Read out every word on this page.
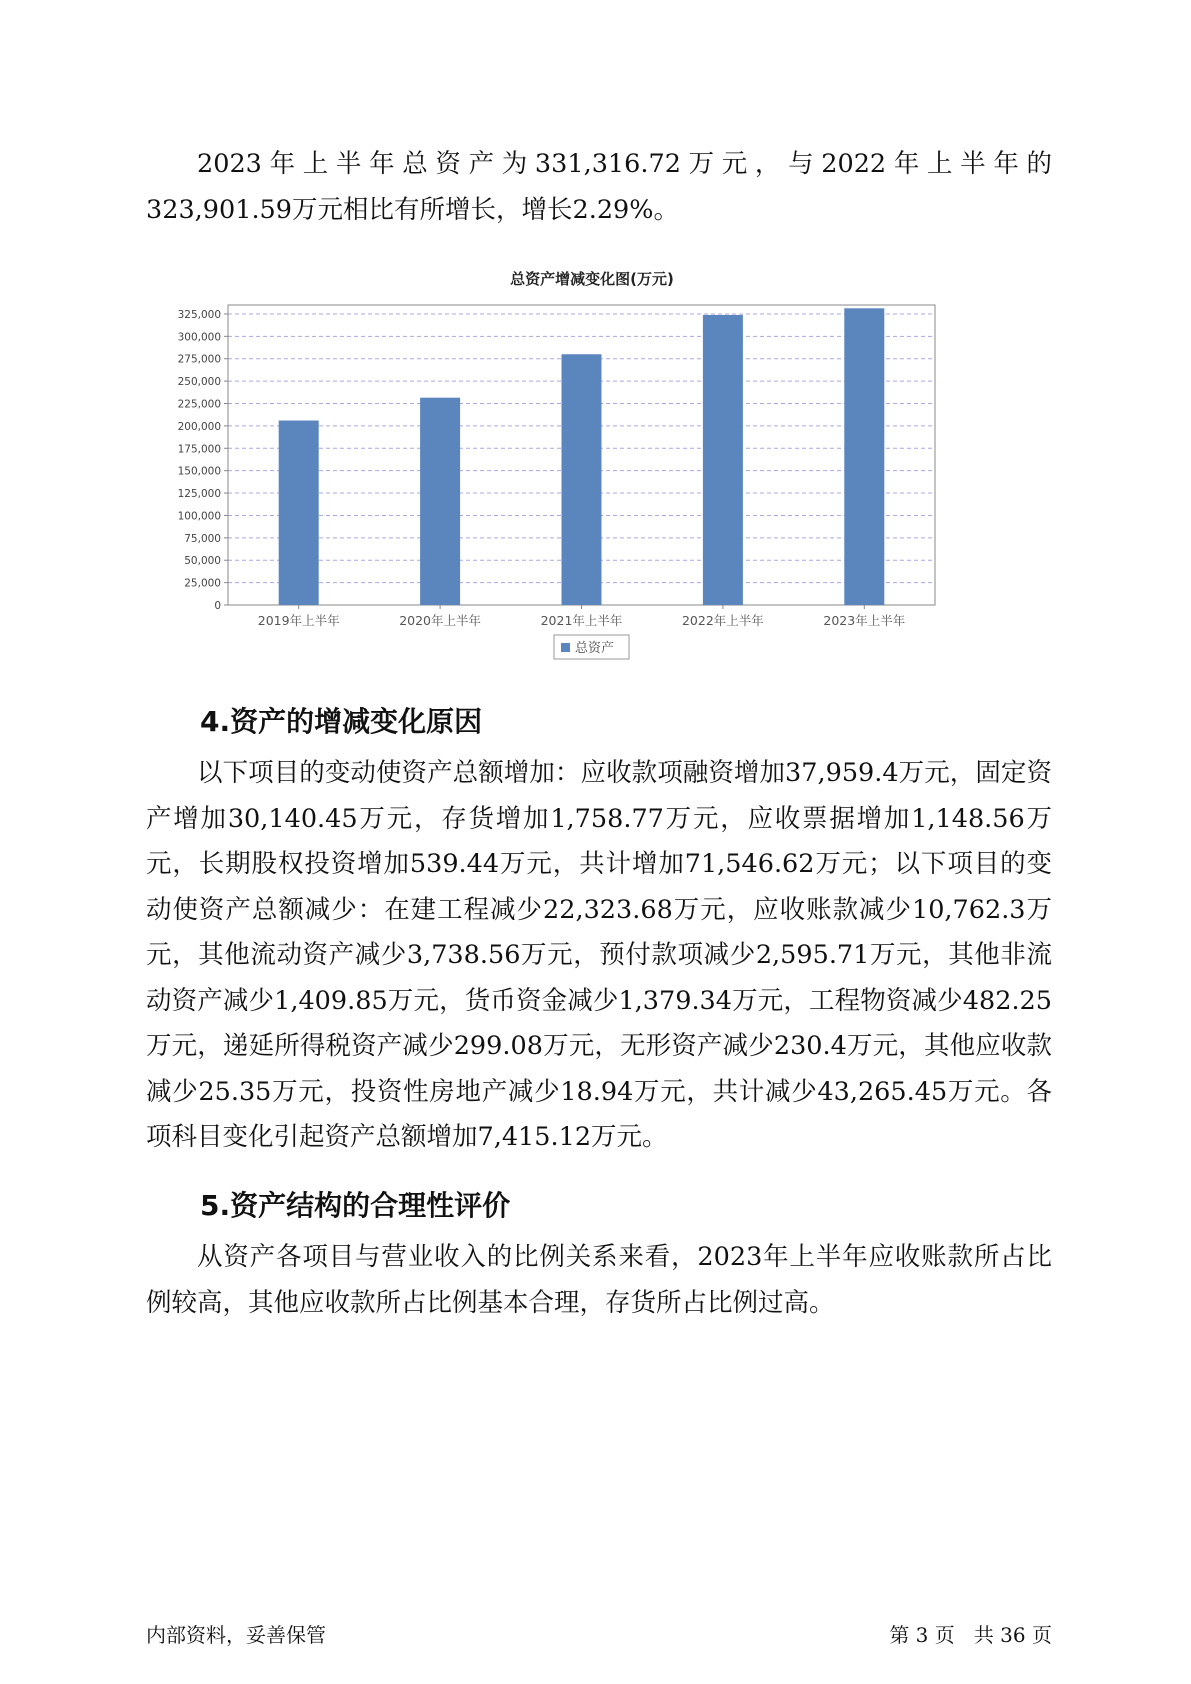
2023年上半年总资产为331,316.72万元，与2022年上半年的323,901.59万元相比有所增长，增长2.29%。

总资产增减变化图(万元)
0
25,000
50,000
75,000
100,000
125,000
150,000
175,000
200,000
225,000
250,000
275,000
300,000
325,000
2019年上半年	2020年上半年	2021年上半年	2022年上半年	2023年上半年
总资产
4.资产的增减变化原因

以下项目的变动使资产总额增加：应收款项融资增加37,959.4万元，固定资产增加30,140.45万元，存货增加1,758.77万元，应收票据增加1,148.56万元，长期股权投资增加539.44万元，共计增加71,546.62万元；以下项目的变动使资产总额减少：在建工程减少22,323.68万元，应收账款减少10,762.3万元，其他流动资产减少3,738.56万元，预付款项减少2,595.71万元，其他非流动资产减少1,409.85万元，货币资金减少1,379.34万元，工程物资减少482.25万元，递延所得税资产减少299.08万元，无形资产减少230.4万元，其他应收款减少25.35万元，投资性房地产减少18.94万元，共计减少43,265.45万元。各项科目变化引起资产总额增加7,415.12万元。

5.资产结构的合理性评价

从资产各项目与营业收入的比例关系来看，2023年上半年应收账款所占比例较高，其他应收款所占比例基本合理，存货所占比例过高。

内部资料，妥善保管	第 3 页   共 36 页
